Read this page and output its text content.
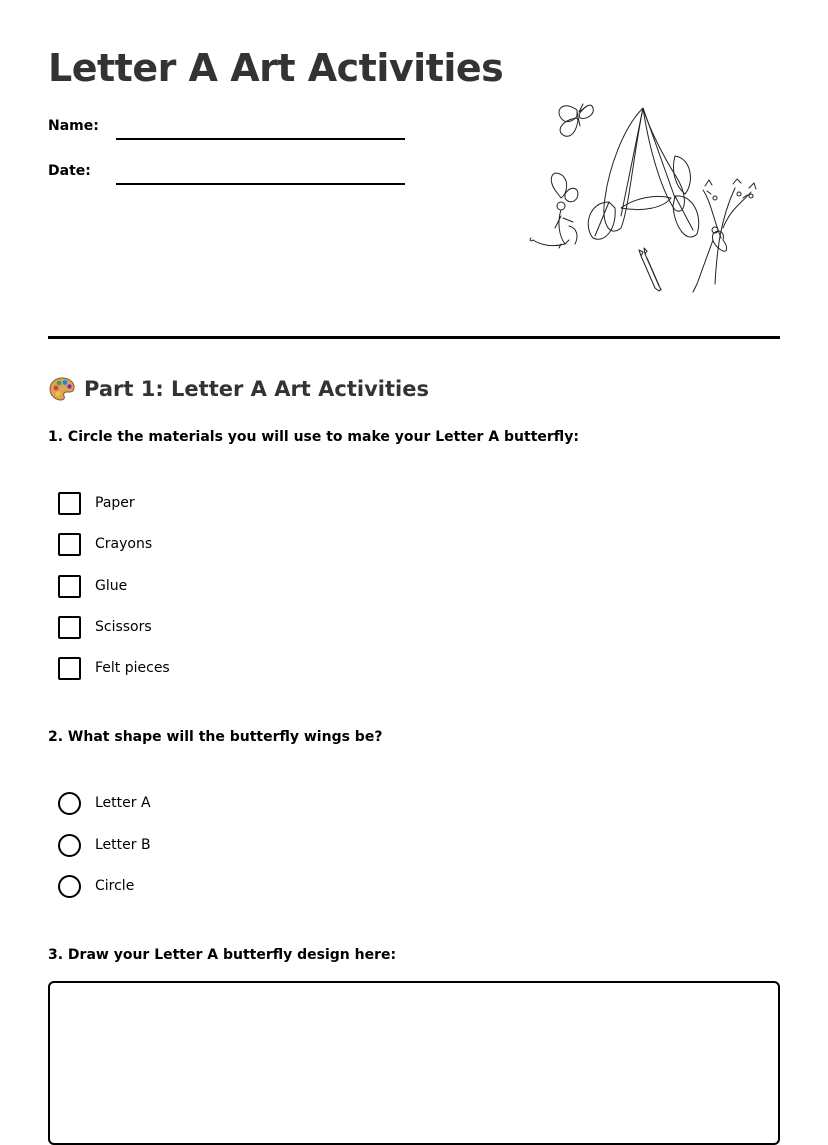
Letter A Art Activities
Name:
Date:
Part 1: Letter A Art Activities
1. Circle the materials you will use to make your Letter A butterfly:
Paper
Crayons
Glue
Scissors
Felt pieces
2. What shape will the butterfly wings be?
Letter A
Letter B
Circle
3. Draw your Letter A butterfly design here:
